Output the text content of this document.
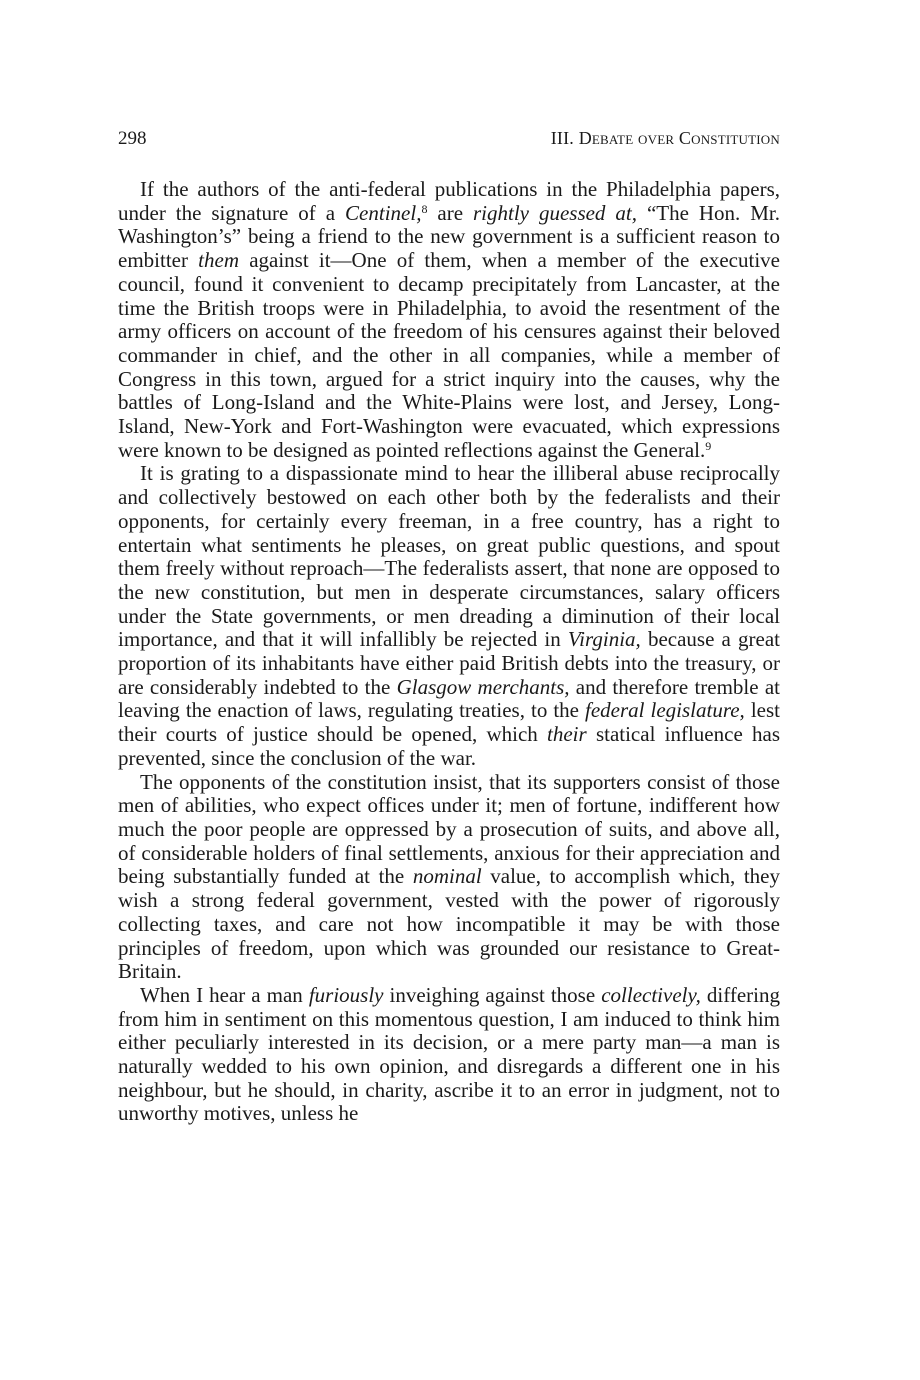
298	III. Debate over Constitution

If the authors of the anti-federal publications in the Philadelphia papers, under the signature of a Centinel,$^8$ are rightly guessed at, “The Hon. Mr. Washington’s” being a friend to the new government is a sufficient reason to embitter them against it—One of them, when a member of the executive council, found it convenient to decamp precipitately from Lancaster, at the time the British troops were in Philadelphia, to avoid the resentment of the army officers on account of the freedom of his censures against their beloved commander in chief, and the other in all companies, while a member of Congress in this town, argued for a strict inquiry into the causes, why the battles of Long-Island and the White-Plains were lost, and Jersey, Long-Island, New-York and Fort-Washington were evacuated, which expressions were known to be designed as pointed reflections against the General.$^9$

It is grating to a dispassionate mind to hear the illiberal abuse reciprocally and collectively bestowed on each other both by the federalists and their opponents, for certainly every freeman, in a free country, has a right to entertain what sentiments he pleases, on great public questions, and spout them freely without reproach—The federalists assert, that none are opposed to the new constitution, but men in desperate circumstances, salary officers under the State governments, or men dreading a diminution of their local importance, and that it will infallibly be rejected in Virginia, because a great proportion of its inhabitants have either paid British debts into the treasury, or are considerably indebted to the Glasgow merchants, and therefore tremble at leaving the enaction of laws, regulating treaties, to the federal legislature, lest their courts of justice should be opened, which their statical influence has prevented, since the conclusion of the war.

The opponents of the constitution insist, that its supporters consist of those men of abilities, who expect offices under it; men of fortune, indifferent how much the poor people are oppressed by a prosecution of suits, and above all, of considerable holders of final settlements, anxious for their appreciation and being substantially funded at the nominal value, to accomplish which, they wish a strong federal government, vested with the power of rigorously collecting taxes, and care not how incompatible it may be with those principles of freedom, upon which was grounded our resistance to Great-Britain.

When I hear a man furiously inveighing against those collectively, differing from him in sentiment on this momentous question, I am induced to think him either peculiarly interested in its decision, or a mere party man—a man is naturally wedded to his own opinion, and disregards a different one in his neighbour, but he should, in charity, ascribe it to an error in judgment, not to unworthy motives, unless he
